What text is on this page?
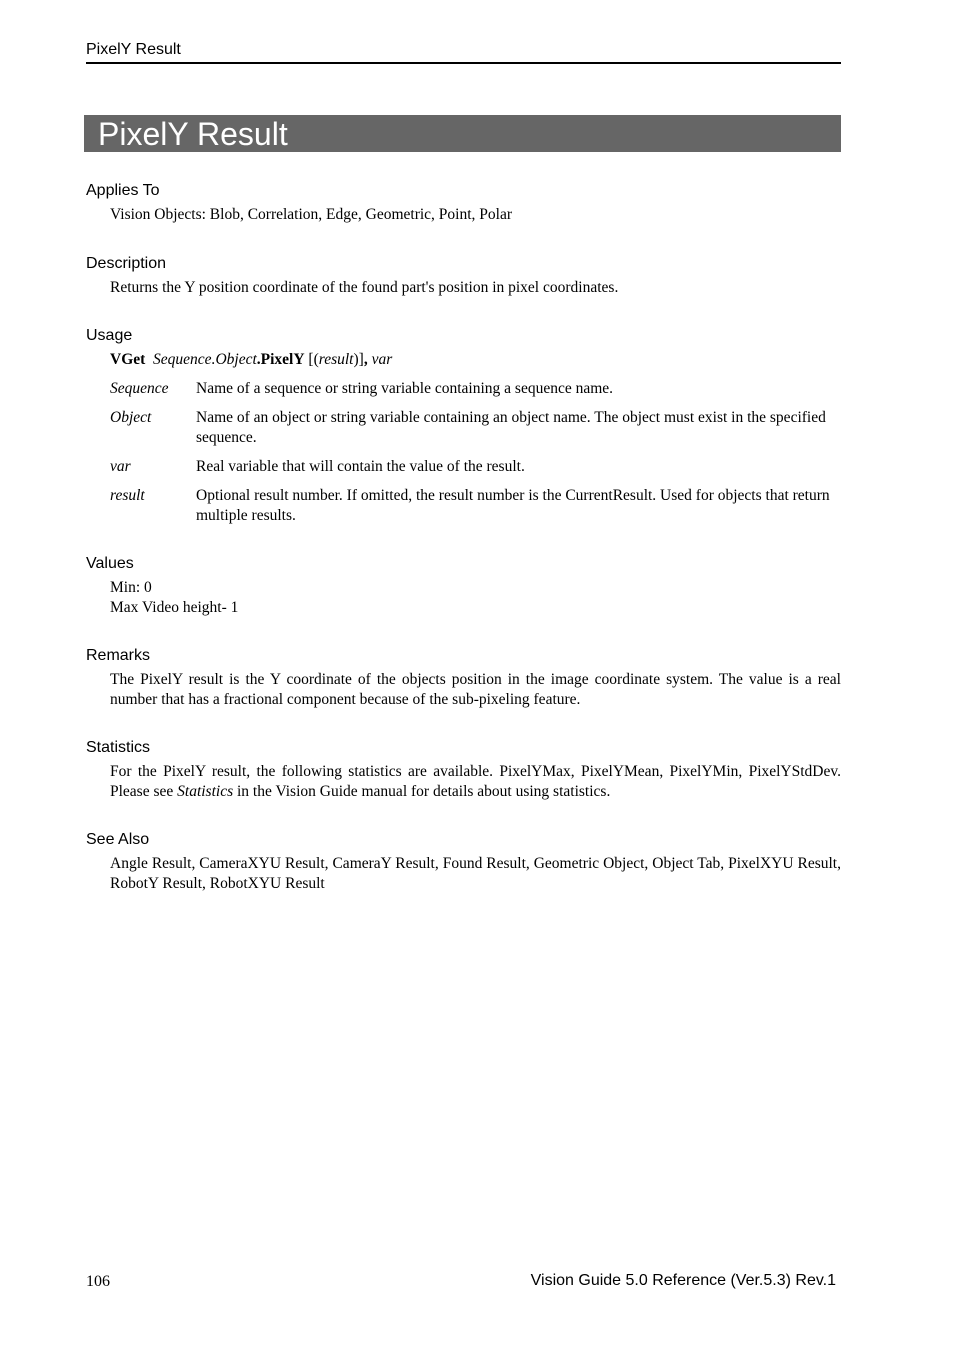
PixelY Result
PixelY Result

Applies To

Vision Objects: Blob, Correlation, Edge, Geometric, Point, Polar

Description

Returns the Y position coordinate of the found part's position in pixel coordinates.

Usage

VGet Sequence.Object.PixelY [(result)], var
Sequence	Name of a sequence or string variable containing a sequence name.
Object	Name of an object or string variable containing an object name. The object must exist in the specified sequence.
var	Real variable that will contain the value of the result.
result	Optional result number. If omitted, the result number is the CurrentResult. Used for objects that return multiple results.

Values

Min: 0
Max Video height- 1

Remarks

The PixelY result is the Y coordinate of the objects position in the image coordinate system. The value is a real number that has a fractional component because of the sub-pixeling feature.

Statistics

For the PixelY result, the following statistics are available. PixelYMax, PixelYMean, PixelYMin, PixelYStdDev. Please see Statistics in the Vision Guide manual for details about using statistics.

See Also

Angle Result, CameraXYU Result, CameraY Result, Found Result, Geometric Object, Object Tab, PixelXYU Result, RobotY Result, RobotXYU Result
106	Vision Guide 5.0 Reference (Ver.5.3) Rev.1
